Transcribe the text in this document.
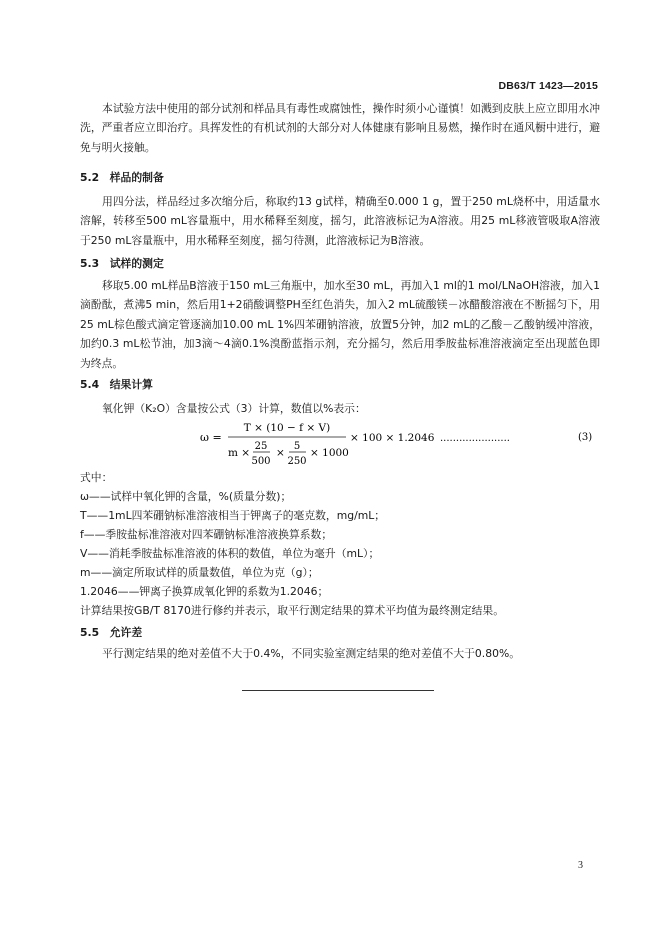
DB63/T 1423—2015
本试验方法中使用的部分试剂和样品具有毒性或腐蚀性，操作时须小心谨慎！如溅到皮肤上应立即用水冲洗，严重者应立即治疗。具挥发性的有机试剂的大部分对人体健康有影响且易燃，操作时在通风橱中进行，避免与明火接触。
5.2 样品的制备
用四分法，样品经过多次缩分后，称取约13 g试样，精确至0.000 1 g，置于250 mL烧杯中，用适量水溶解，转移至500 mL容量瓶中，用水稀释至刻度，摇匀，此溶液标记为A溶液。用25 mL移液管吸取A溶液于250 mL容量瓶中，用水稀释至刻度，摇匀待测，此溶液标记为B溶液。
5.3 试样的测定
移取5.00 mL样品B溶液于150 mL三角瓶中，加水至30 mL，再加入1 ml的1 mol/LNaOH溶液，加入1滴酚酞，煮沸5 min，然后用1+2硝酸调整PH至红色消失，加入2 mL硫酸镁－冰醋酸溶液在不断摇匀下，用25 mL棕色酸式滴定管逐滴加10.00 mL 1%四苯硼钠溶液，放置5分钟，加2 mL的乙酸－乙酸钠缓冲溶液，加约0.3 mL松节油，加3滴～4滴0.1%溴酚蓝指示剂，充分摇匀，然后用季胺盐标准溶液滴定至出现蓝色即为终点。
5.4 结果计算
氧化钾（K₂O）含量按公式（3）计算，数值以%表示：
ω =
T × (10 − f × V)
m ×
25
500
×
5
250
× 1000
× 100 × 1.2046 ......................	(3)
式中：
ω——试样中氧化钾的含量，%(质量分数)；
T——1mL四苯硼钠标准溶液相当于钾离子的毫克数，mg/mL；
f——季胺盐标准溶液对四苯硼钠标准溶液换算系数；
V——消耗季胺盐标准溶液的体积的数值，单位为毫升（mL）；
m——滴定所取试样的质量数值，单位为克（g）；
1.2046——钾离子换算成氧化钾的系数为1.2046；
计算结果按GB/T 8170进行修约并表示，取平行测定结果的算术平均值为最终测定结果。
5.5 允许差
平行测定结果的绝对差值不大于0.4%，不同实验室测定结果的绝对差值不大于0.80%。
3
